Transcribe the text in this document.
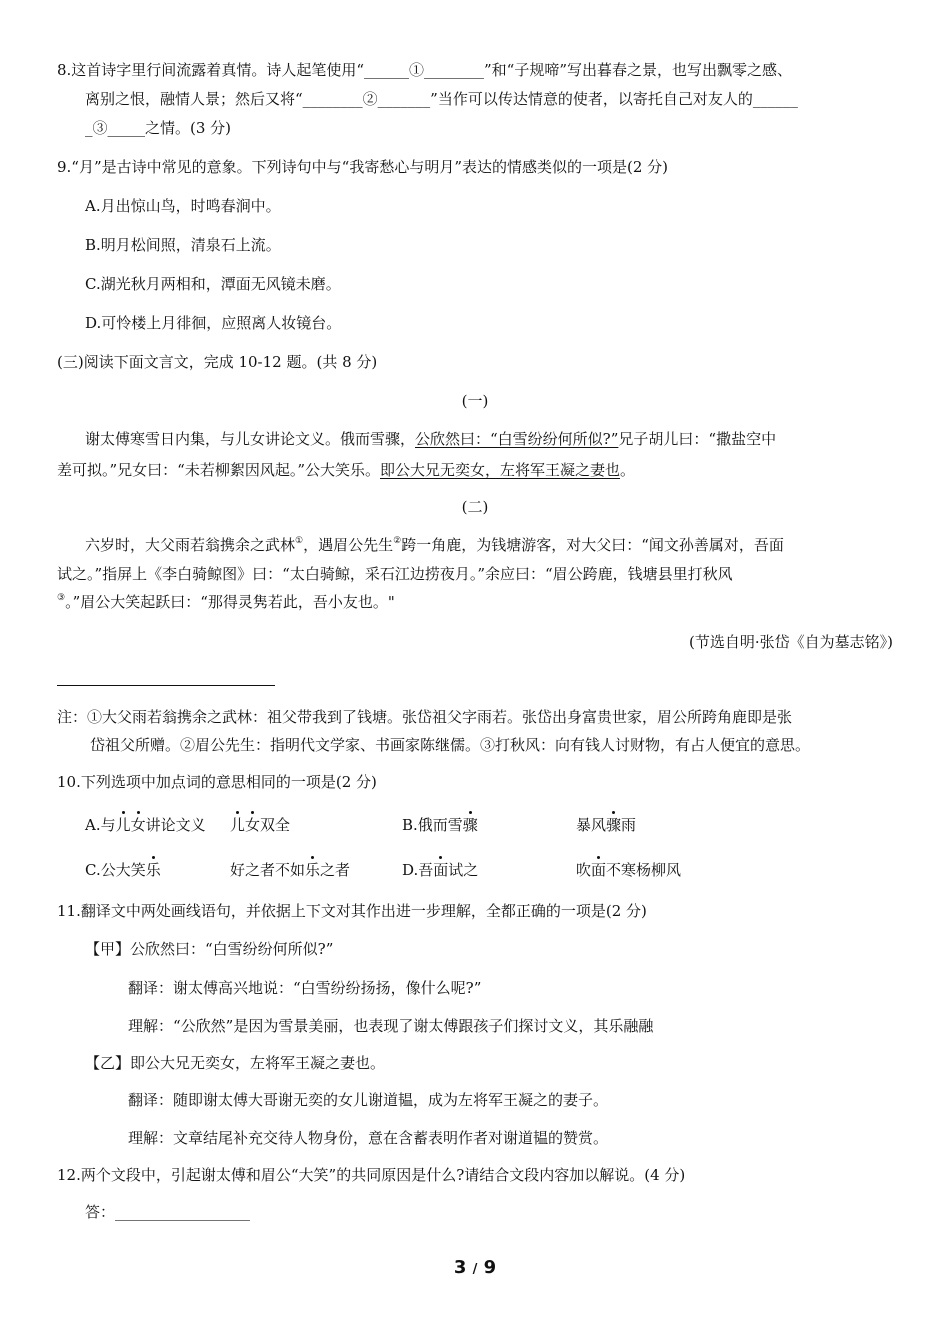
8.这首诗字里行间流露着真情。诗人起笔使用“______①________”和“子规啼”写出暮春之景，也写出飘零之感、
离别之恨，融情人景；然后又将“________②_______”当作可以传达情意的使者，以寄托自己对友人的______
_③_____之情。(3 分)
9.“月”是古诗中常见的意象。下列诗句中与“我寄愁心与明月”表达的情感类似的一项是(2 分)
A.月出惊山鸟，时鸣春涧中。
B.明月松间照，清泉石上流。
C.湖光秋月两相和，潭面无风镜未磨。
D.可怜楼上月徘徊，应照离人妆镜台。
(三)阅读下面文言文，完成 10-12 题。(共 8 分)
(一)
谢太傅寒雪日内集，与儿女讲论文义。俄而雪骤，公欣然曰：“白雪纷纷何所似?”兄子胡儿曰：“撒盐空中
差可拟。”兄女曰：“未若柳絮因风起。”公大笑乐。即公大兄无奕女，左将军王凝之妻也。
(二)
六岁时，大父雨若翁携余之武林①，遇眉公先生②跨一角鹿，为钱塘游客，对大父曰：“闻文孙善属对，吾面
试之。”指屏上《李白骑鲸图》曰：“太白骑鲸，采石江边捞夜月。”余应曰：“眉公跨鹿，钱塘县里打秋风
③。”眉公大笑起跃曰：“那得灵隽若此，吾小友也。"
(节选自明·张岱《自为墓志铭》)
注：①大父雨若翁携余之武林：祖父带我到了钱塘。张岱祖父字雨若。张岱出身富贵世家，眉公所跨角鹿即是张
岱祖父所赠。②眉公先生：指明代文学家、书画家陈继儒。③打秋风：向有钱人讨财物，有占人便宜的意思。
10.下列选项中加点词的意思相同的一项是(2 分)
A.与儿女讲论文义 儿女双全	B.俄而雪骤	暴风骤雨
C.公大笑乐	好之者不如乐之者	D.吾面试之	吹面不寒杨柳风
11.翻译文中两处画线语句，并依据上下文对其作出进一步理解，全都正确的一项是(2 分)
【甲】公欣然曰：“白雪纷纷何所似?”
翻译：谢太傅高兴地说：“白雪纷纷扬扬，像什么呢?”
理解：“公欣然”是因为雪景美丽，也表现了谢太傅跟孩子们探讨文义，其乐融融
【乙】即公大兄无奕女，左将军王凝之妻也。
翻译：随即谢太傅大哥谢无奕的女儿谢道韫，成为左将军王凝之的妻子。
理解：文章结尾补充交待人物身份，意在含蓄表明作者对谢道韫的赞赏。
12.两个文段中，引起谢太傅和眉公“大笑”的共同原因是什么?请结合文段内容加以解说。(4 分)
答：__________________
3 / 9
